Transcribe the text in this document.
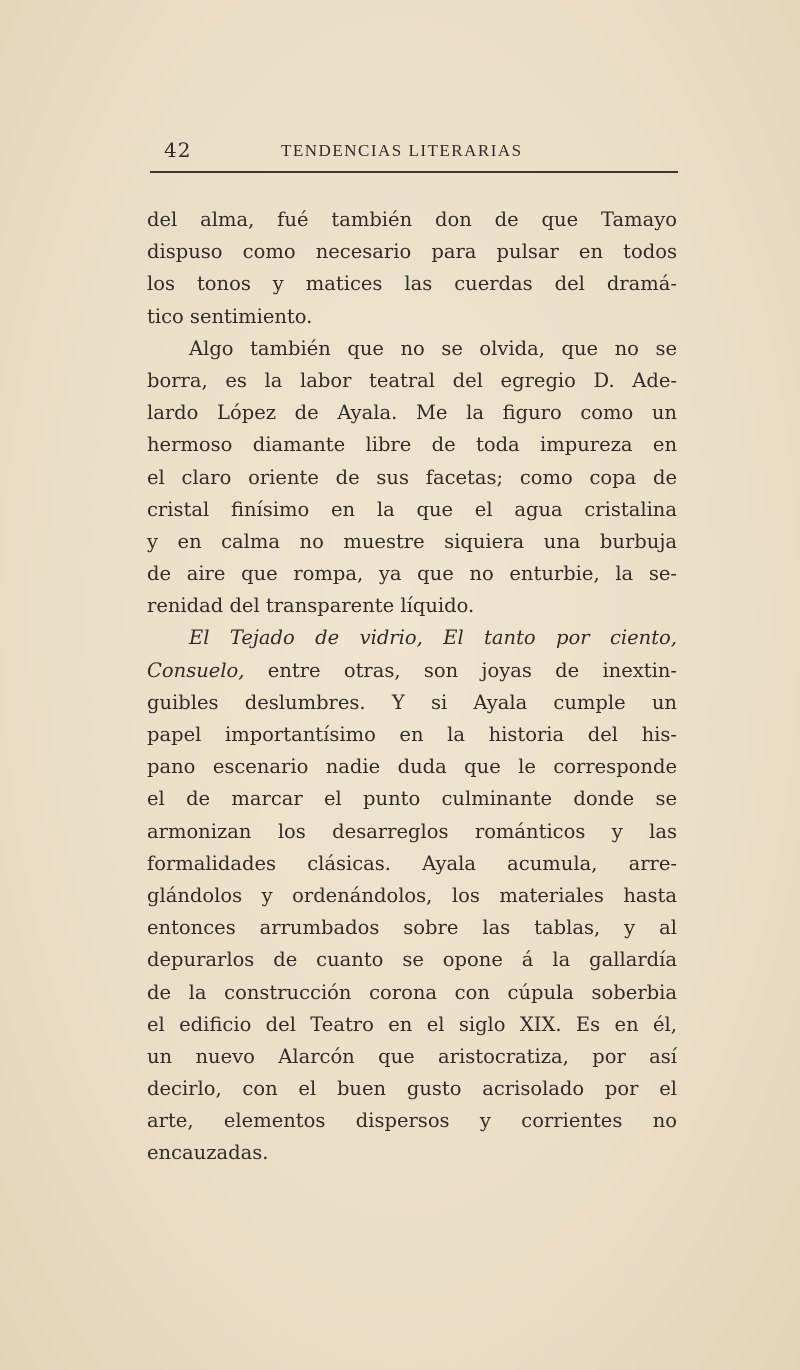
42	TENDENCIAS LITERARIAS
del alma, fué también don de que Tamayo
dispuso como necesario para pulsar en todos
los tonos y matices las cuerdas del dramá-
tico sentimiento.
Algo también que no se olvida, que no se
borra, es la labor teatral del egregio D. Ade-
lardo López de Ayala. Me la figuro como un
hermoso diamante libre de toda impureza en
el claro oriente de sus facetas; como copa de
cristal finísimo en la que el agua cristalina
y en calma no muestre siquiera una burbuja
de aire que rompa, ya que no enturbie, la se-
renidad del transparente líquido.
El Tejado de vidrio, El tanto por ciento,
Consuelo, entre otras, son joyas de inextin-
guibles deslumbres. Y si Ayala cumple un
papel importantísimo en la historia del his-
pano escenario nadie duda que le corresponde
el de marcar el punto culminante donde se
armonizan los desarreglos románticos y las
formalidades clásicas. Ayala acumula, arre-
glándolos y ordenándolos, los materiales hasta
entonces arrumbados sobre las tablas, y al
depurarlos de cuanto se opone á la gallardía
de la construcción corona con cúpula soberbia
el edificio del Teatro en el siglo XIX. Es en él,
un nuevo Alarcón que aristocratiza, por así
decirlo, con el buen gusto acrisolado por el
arte, elementos dispersos y corrientes no
encauzadas.
